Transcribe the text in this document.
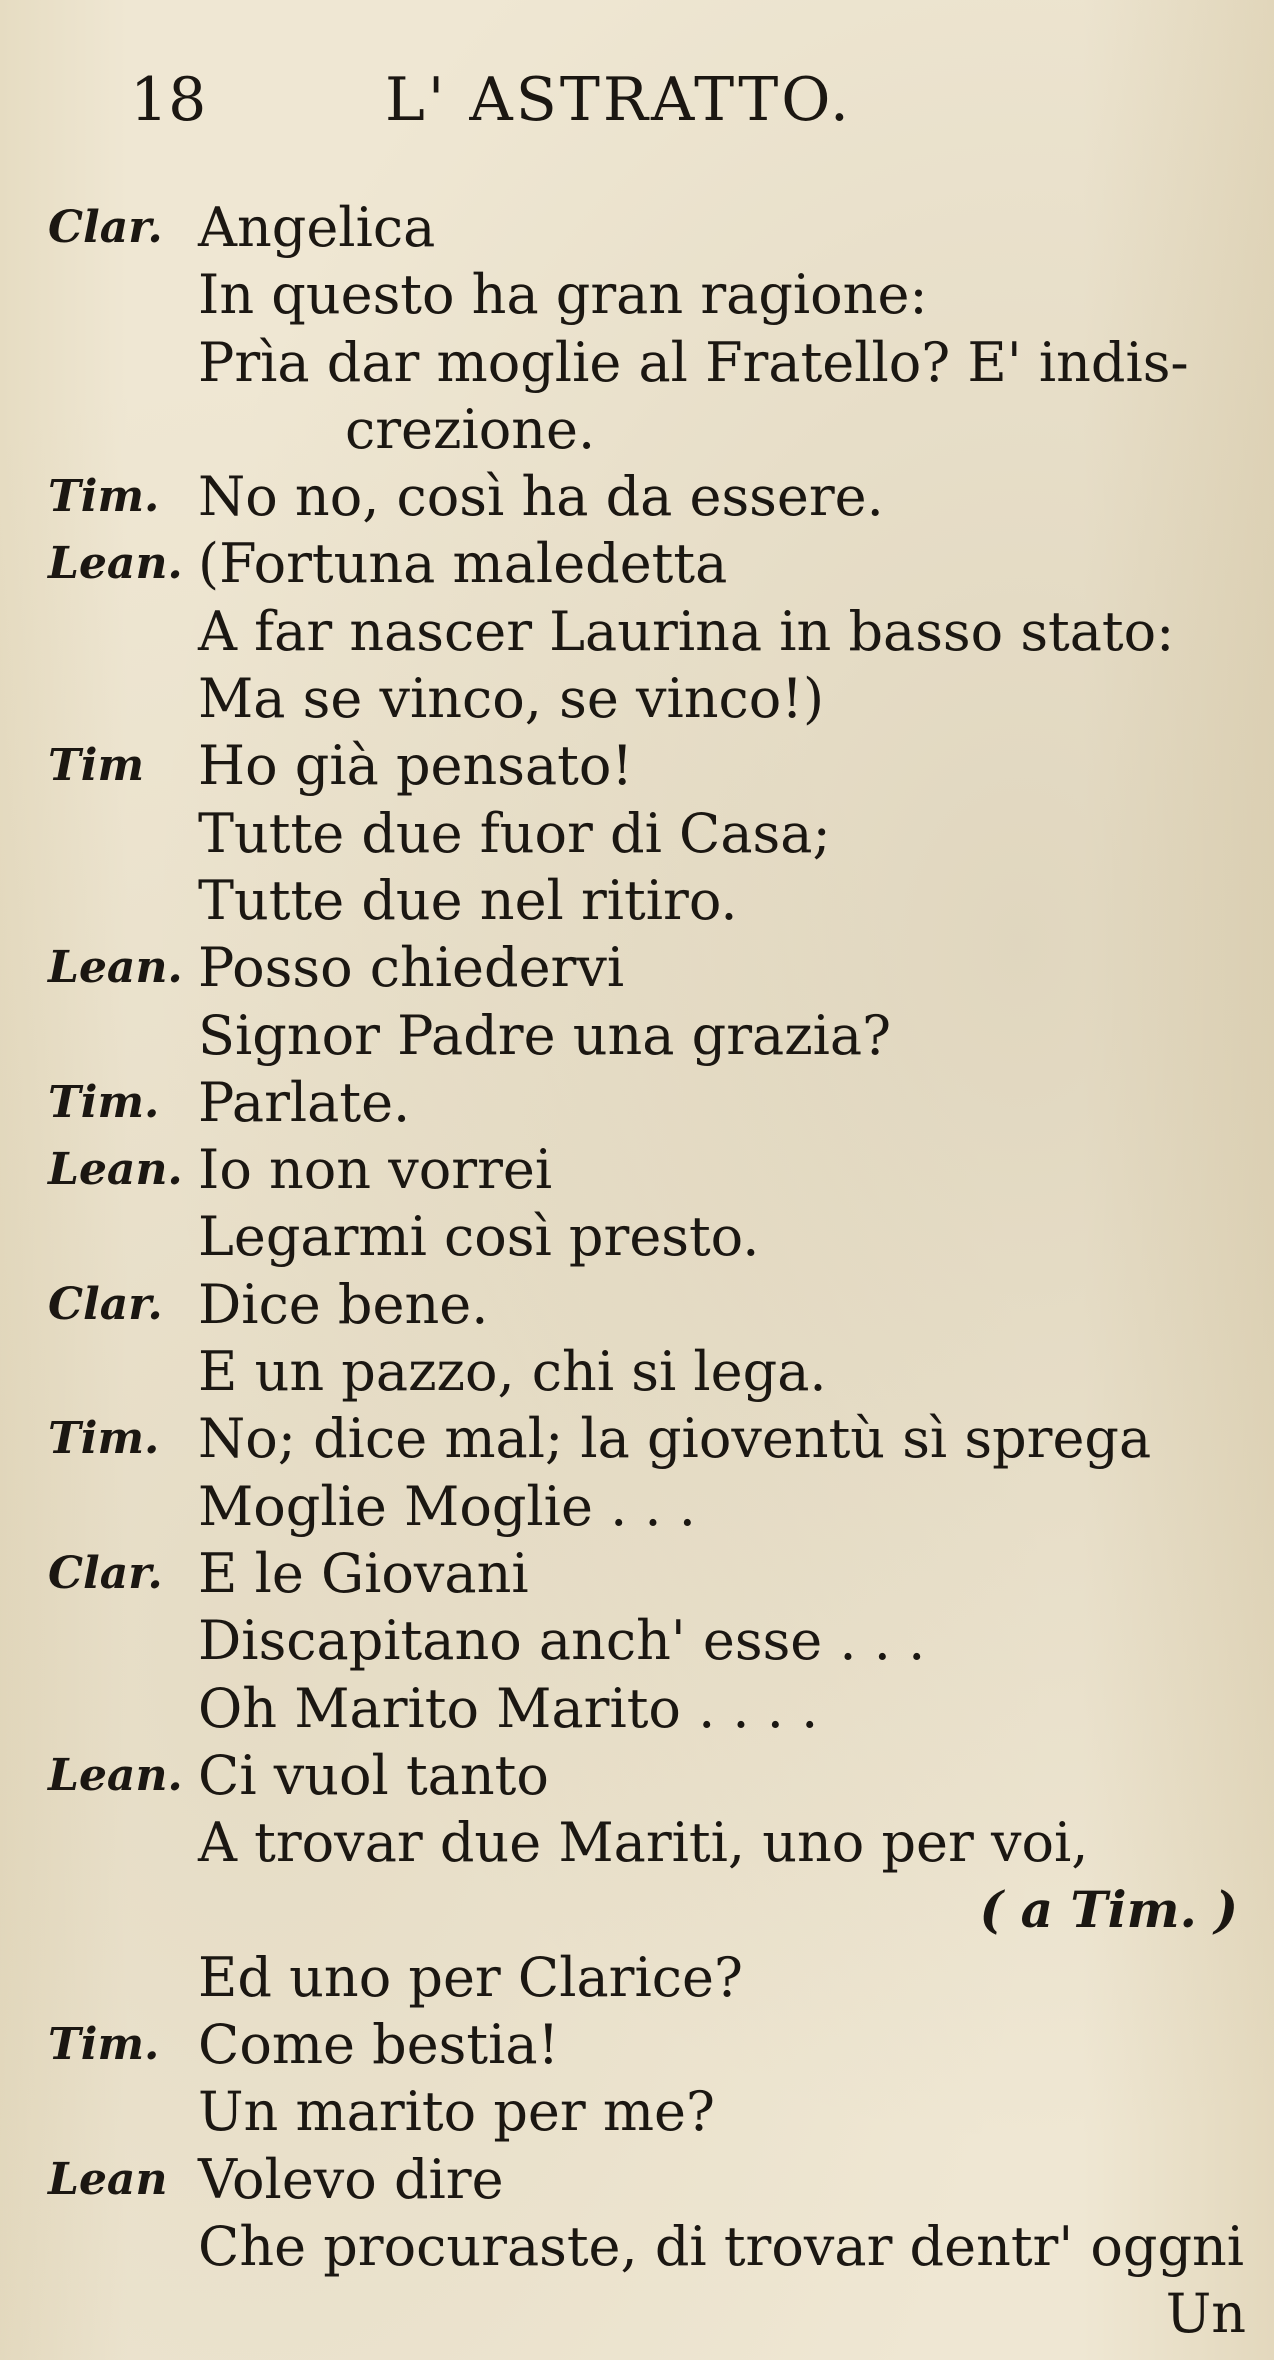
18	L' ASTRATTO.
Clar. Angelica
In questo ha gran ragione:
Prìa dar moglie al Fratello? E' indis-
crezione.
Tim. No no, così ha da essere.
Lean. (Fortuna maledetta
A far nascer Laurina in basso stato:
Ma se vinco, se vinco!)
Tim Ho già pensato!
Tutte due fuor di Casa;
Tutte due nel ritiro.
Lean. Posso chiedervi
Signor Padre una grazia?
Tim. Parlate.
Lean. Io non vorrei
Legarmi così presto.
Clar. Dice bene.
E un pazzo, chi si lega.
Tim. No; dice mal; la gioventù sì sprega
Moglie Moglie . . .
Clar. E le Giovani
Discapitano anch' esse . . .
Oh Marito Marito . . . .
Lean. Ci vuol tanto
A trovar due Mariti, uno per voi,
( a Tim. )
Ed uno per Clarice?
Tim. Come bestia!
Un marito per me?
Lean Volevo dire
Che procuraste, di trovar dentr' oggni
Un
